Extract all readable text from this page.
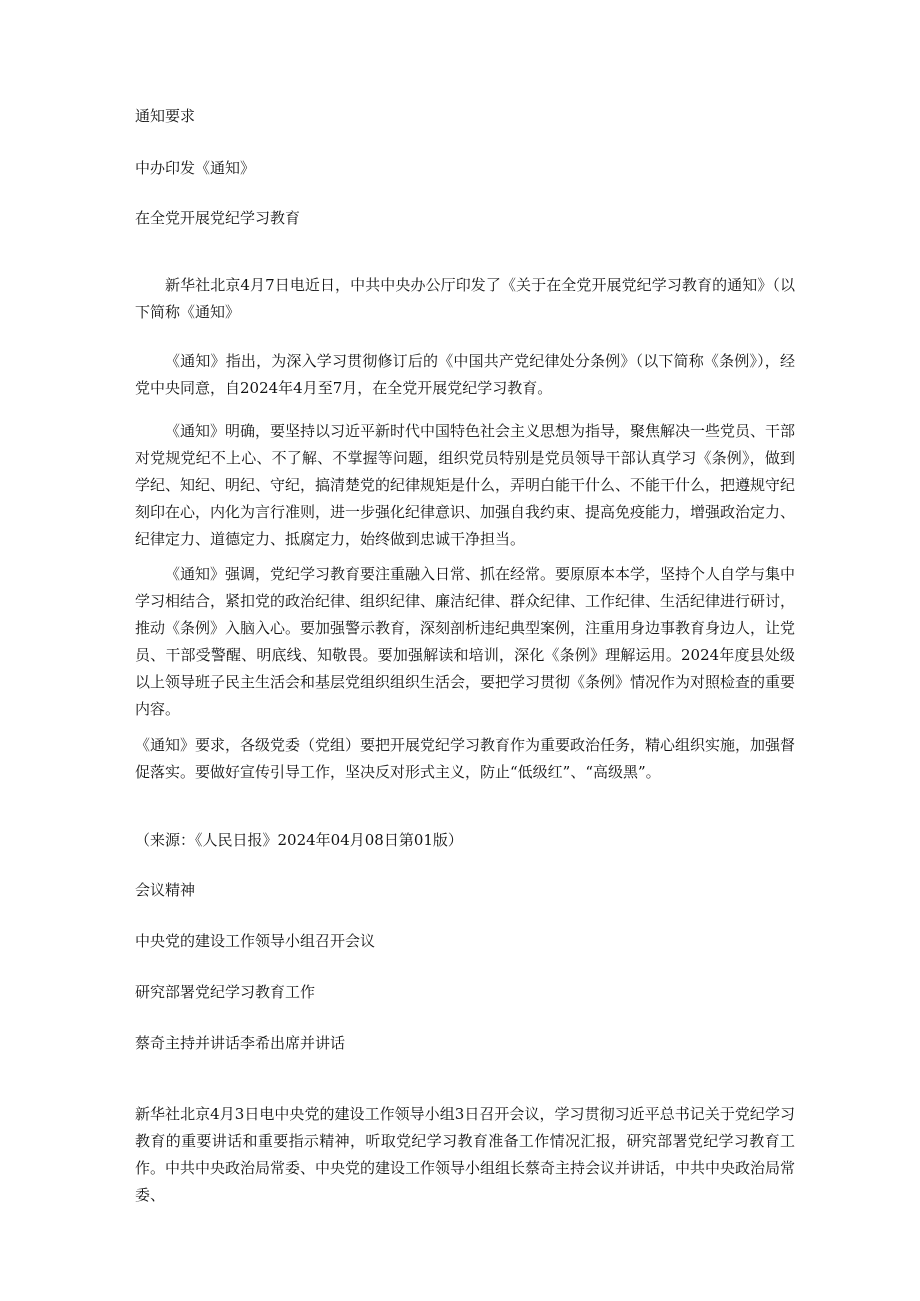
通知要求
中办印发《通知》
在全党开展党纪学习教育
新华社北京4月7日电近日，中共中央办公厅印发了《关于在全党开展党纪学习教育的通知》（以下简称《通知》
《通知》指出，为深入学习贯彻修订后的《中国共产党纪律处分条例》（以下简称《条例》），经党中央同意，自2024年4月至7月，在全党开展党纪学习教育。
《通知》明确，要坚持以习近平新时代中国特色社会主义思想为指导，聚焦解决一些党员、干部对党规党纪不上心、不了解、不掌握等问题，组织党员特别是党员领导干部认真学习《条例》，做到学纪、知纪、明纪、守纪，搞清楚党的纪律规矩是什么，弄明白能干什么、不能干什么，把遵规守纪刻印在心，内化为言行准则，进一步强化纪律意识、加强自我约束、提高免疫能力，增强政治定力、纪律定力、道德定力、抵腐定力，始终做到忠诚干净担当。
《通知》强调，党纪学习教育要注重融入日常、抓在经常。要原原本本学，坚持个人自学与集中学习相结合，紧扣党的政治纪律、组织纪律、廉洁纪律、群众纪律、工作纪律、生活纪律进行研讨，推动《条例》入脑入心。要加强警示教育，深刻剖析违纪典型案例，注重用身边事教育身边人，让党员、干部受警醒、明底线、知敬畏。要加强解读和培训，深化《条例》理解运用。2024年度县处级以上领导班子民主生活会和基层党组织组织生活会，要把学习贯彻《条例》情况作为对照检查的重要内容。
《通知》要求，各级党委（党组）要把开展党纪学习教育作为重要政治任务，精心组织实施，加强督促落实。要做好宣传引导工作，坚决反对形式主义，防止“低级红”、“高级黑”。
（来源：《人民日报》2024年04月08日第01版）
会议精神
中央党的建设工作领导小组召开会议
研究部署党纪学习教育工作
蔡奇主持并讲话李希出席并讲话
新华社北京4月3日电中央党的建设工作领导小组3日召开会议，学习贯彻习近平总书记关于党纪学习教育的重要讲话和重要指示精神，听取党纪学习教育准备工作情况汇报，研究部署党纪学习教育工作。中共中央政治局常委、中央党的建设工作领导小组组长蔡奇主持会议并讲话，中共中央政治局常委、
